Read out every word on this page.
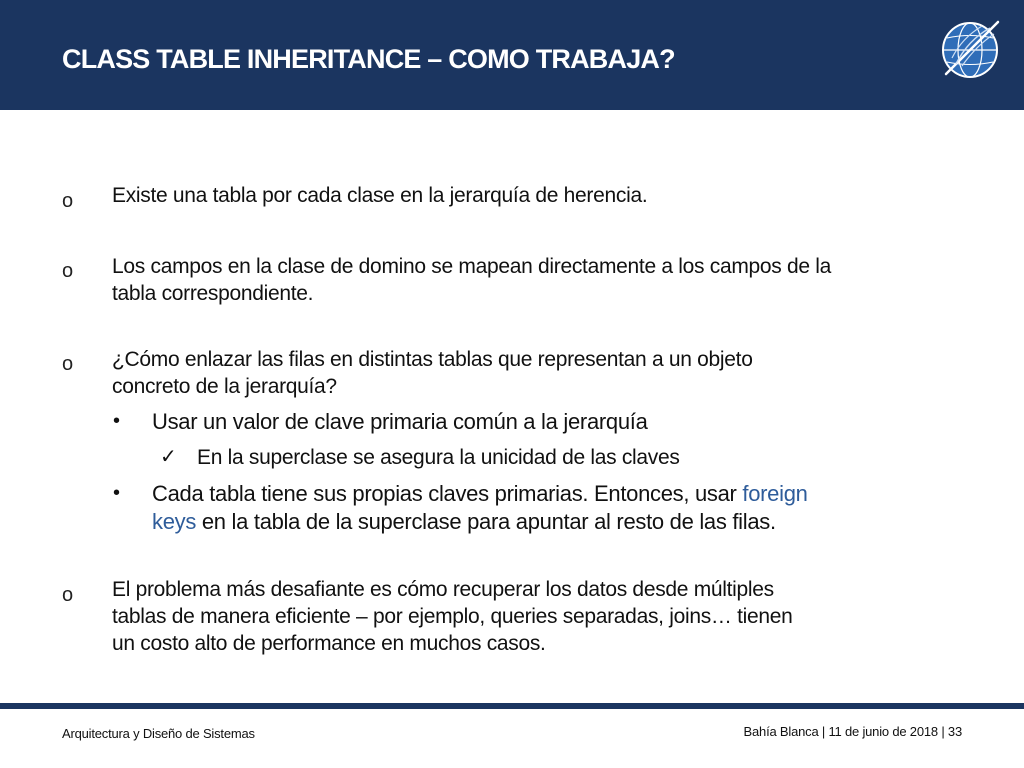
CLASS TABLE INHERITANCE – COMO TRABAJA?
o Existe una tabla por cada clase en la jerarquía de herencia.
o Los campos en la clase de domino se mapean directamente a los campos de la
tabla correspondiente.
o ¿Cómo enlazar las filas en distintas tablas que representan a un objeto
concreto de la jerarquía?
• Usar un valor de clave primaria común a la jerarquía
✓ En la superclase se asegura la unicidad de las claves
• Cada tabla tiene sus propias claves primarias. Entonces, usar foreign
keys en la tabla de la superclase para apuntar al resto de las filas.
o El problema más desafiante es cómo recuperar los datos desde múltiples
tablas de manera eficiente – por ejemplo, queries separadas, joins… tienen
un costo alto de performance en muchos casos.
Arquitectura y Diseño de Sistemas	Bahía Blanca | 11 de junio de 2018 | 33
